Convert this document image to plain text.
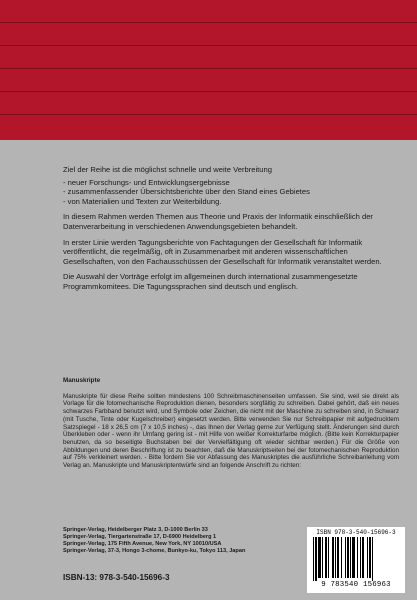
Ziel der Reihe ist die möglichst schnelle und weite Verbreitung

- neuer Forschungs- und Entwicklungsergebnisse
- zusammenfassender Übersichtsberichte über den Stand eines Gebietes
- von Materialien und Texten zur Weiterbildung.

In diesem Rahmen werden Themen aus Theorie und Praxis der Informatik einschließlich der Datenverarbeitung in verschiedenen Anwendungsgebieten behandelt.

In erster Linie werden Tagungsberichte von Fachtagungen der Gesellschaft für Informatik veröffentlicht, die regelmäßig, oft in Zusammenarbeit mit anderen wissenschaftlichen Gesellschaften, von den Fachausschüssen der Gesellschaft für Informatik veranstaltet werden.

Die Auswahl der Vorträge erfolgt im allgemeinen durch international zusammengesetzte Programmkomitees. Die Tagungssprachen sind deutsch und englisch.

Manuskripte

Manuskripte für diese Reihe sollten mindestens 100 Schreibmaschinenseiten umfassen. Sie sind, weil sie direkt als Vorlage für die fotomechanische Reproduktion dienen, besonders sorgfältig zu schreiben. Dabei gehört, daß ein neues schwarzes Farbband benutzt wird, und Symbole oder Zeichen, die nicht mit der Maschine zu schreiben sind, in Schwarz (mit Tusche, Tinte oder Kugelschreiber) eingesetzt werden. Bitte verwenden Sie nur Schreibpapier mit aufgedrucktem Satzspiegel - 18 x 26,5 cm (7 x 10,5 inches) -, das Ihnen der Verlag gerne zur Verfügung stellt. Änderungen sind durch Überkleben oder - wenn ihr Umfang gering ist - mit Hilfe von weißer Korrekturfarbe möglich. (Bitte kein Korrekturpapier benutzen, da so beseitigte Buchstaben bei der Vervielfältigung oft wieder sichtbar werden.) Für die Größe von Abbildungen und deren Beschriftung ist zu beachten, daß die Manuskriptseiten bei der fotomechanischen Reproduktion auf 75% verkleinert werden. - Bitte fordern Sie vor Abfassung des Manuskriptes die ausführliche Schreibanleitung vom Verlag an. Manuskripte und Manuskriptentwürfe sind an folgende Anschrift zu richten:

Springer-Verlag, Heidelberger Platz 3, D-1000 Berlin 33
Springer-Verlag, Tiergartenstraße 17, D-6900 Heidelberg 1
Springer-Verlag, 175 Fifth Avenue, New York, NY 10010/USA
Springer-Verlag, 37-3, Hongo 3-chome, Bunkyo-ku, Tokyo 113, Japan
ISBN-13: 978-3-540-15696-3
ISBN 978-3-540-15696-3
9 783540 156963
